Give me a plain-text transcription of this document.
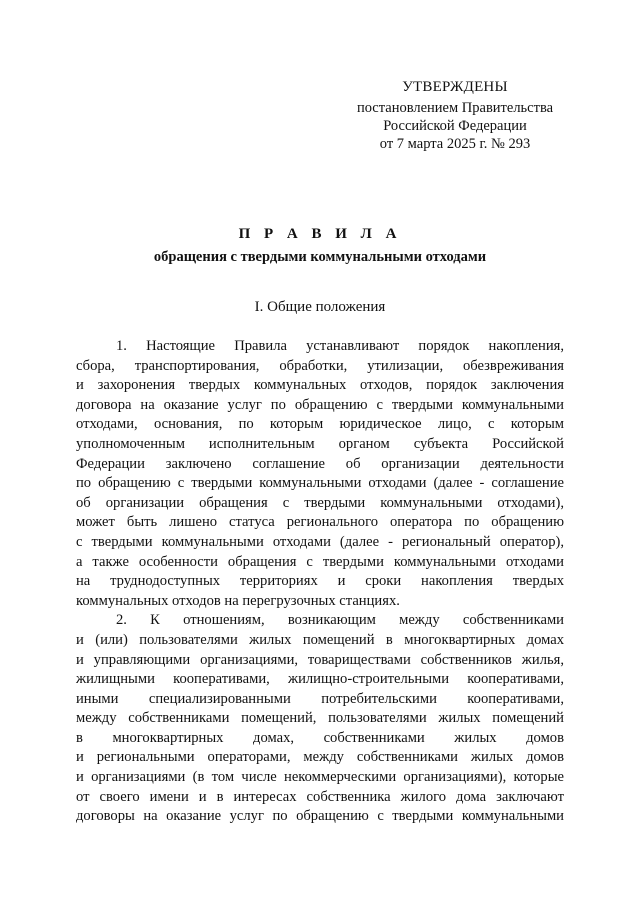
УТВЕРЖДЕНЫ
постановлением Правительства
Российской Федерации
от 7 марта 2025 г. № 293
П Р А В И Л А
обращения с твердыми коммунальными отходами
I. Общие положения
1. Настоящие Правила устанавливают порядок накопления,
сбора, транспортирования, обработки, утилизации, обезвреживания
и захоронения твердых коммунальных отходов, порядок заключения
договора на оказание услуг по обращению с твердыми коммунальными
отходами, основания, по которым юридическое лицо, с которым
уполномоченным исполнительным органом субъекта Российской
Федерации заключено соглашение об организации деятельности
по обращению с твердыми коммунальными отходами (далее - соглашение
об организации обращения с твердыми коммунальными отходами),
может быть лишено статуса регионального оператора по обращению
с твердыми коммунальными отходами (далее - региональный оператор),
а также особенности обращения с твердыми коммунальными отходами
на труднодоступных территориях и сроки накопления твердых
коммунальных отходов на перегрузочных станциях.
2. К отношениям, возникающим между собственниками
и (или) пользователями жилых помещений в многоквартирных домах
и управляющими организациями, товариществами собственников жилья,
жилищными кооперативами, жилищно-строительными кооперативами,
иными специализированными потребительскими кооперативами,
между собственниками помещений, пользователями жилых помещений
в многоквартирных домах, собственниками жилых домов
и региональными операторами, между собственниками жилых домов
и организациями (в том числе некоммерческими организациями), которые
от своего имени и в интересах собственника жилого дома заключают
договоры на оказание услуг по обращению с твердыми коммунальными
